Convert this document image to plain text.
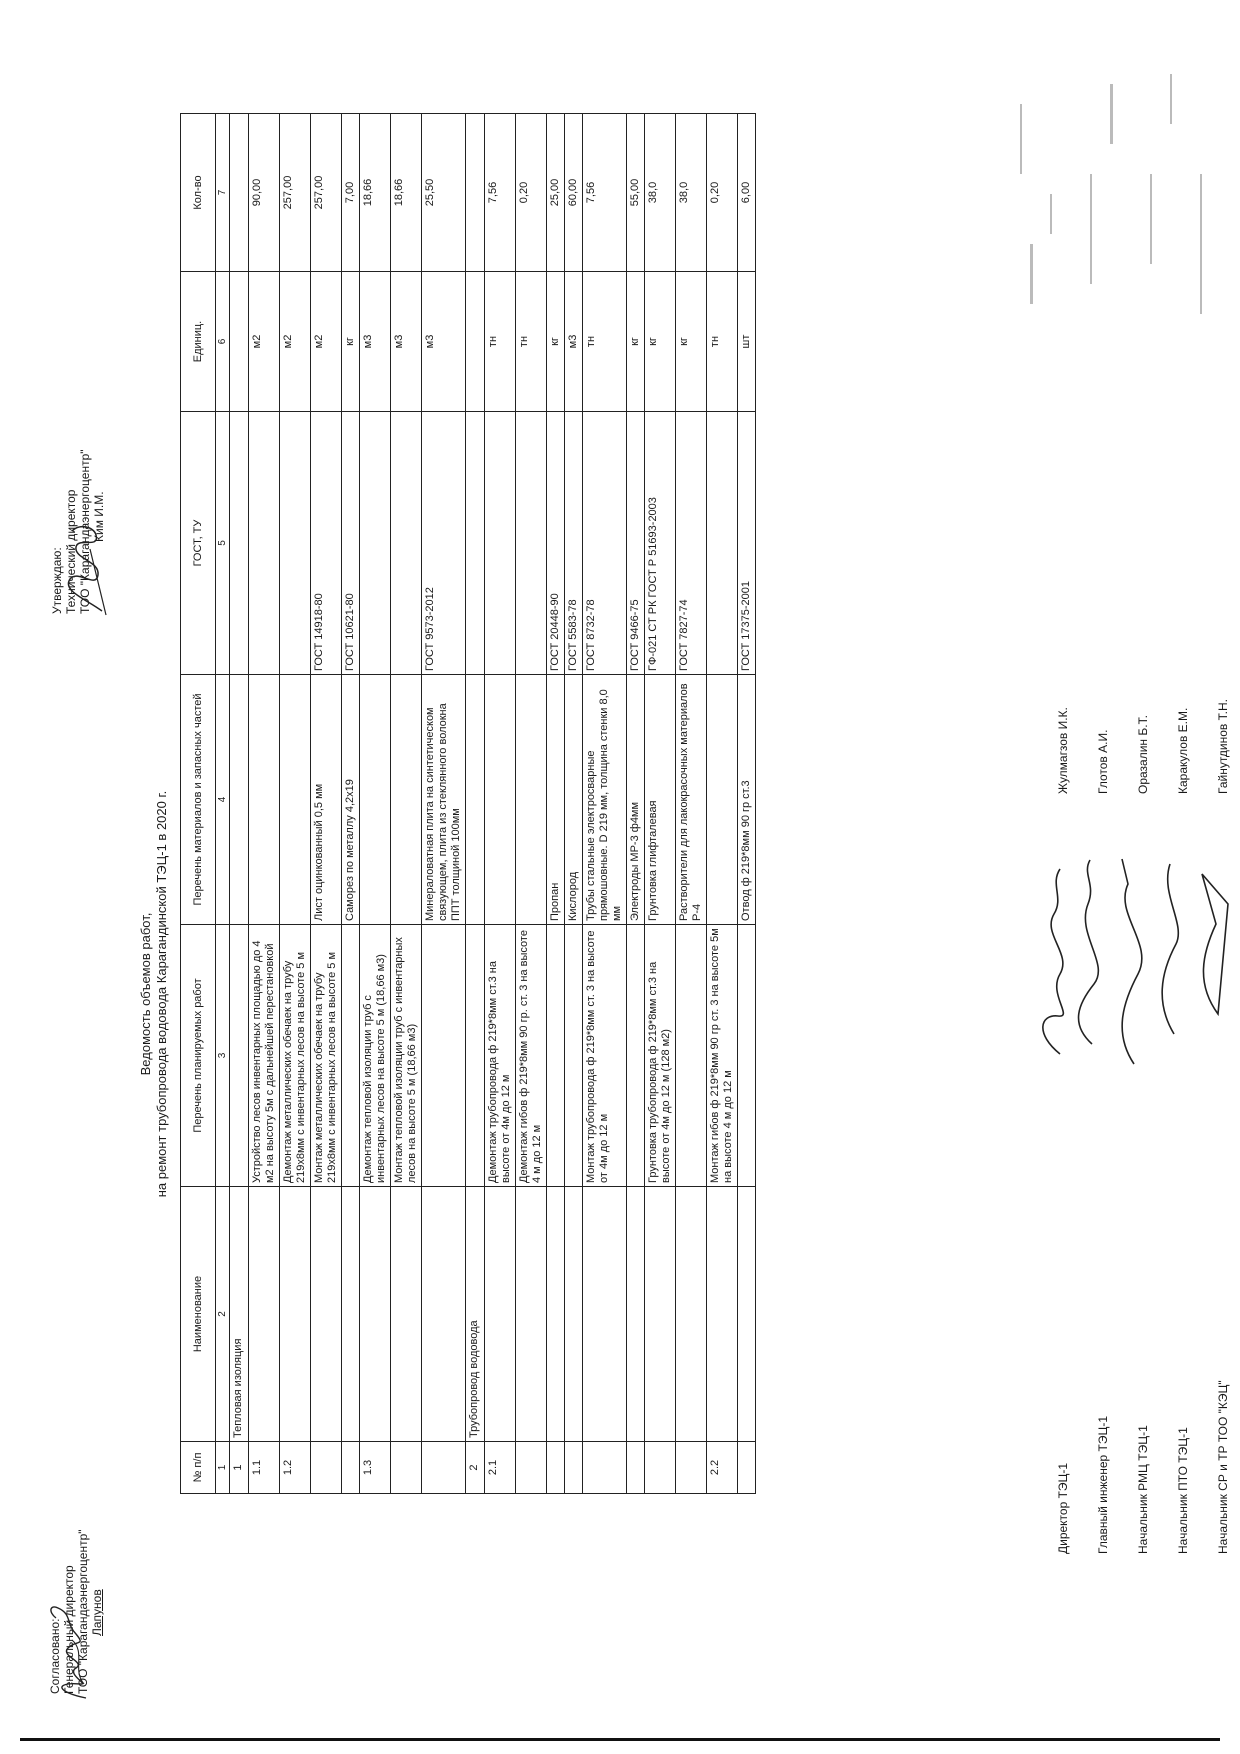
Согласовано: Генеральный директор ТОО "Карагандаэнергоцентр" Лапунов
Утверждаю: Технический директор ТОО "Карагандаэнергоцентр" Ким И.М.
Ведомость объемов работ, на ремонт трубопровода водовода Карагандинской ТЭЦ-1 в 2020 г.
№ п/п	Наименование	Перечень планируемых работ	Перечень материалов и запасных частей	ГОСТ, ТУ	Единиц.	Кол-во
1	2	3	4	5	6	7
1	Тепловая изоляция					
1.1		Устройство лесов инвентарных площадью до 4 м2 на высоту 5м с дальнейшей перестановкой			м2	90,00
1.2		Демонтаж металлических обечаек на трубу 219х8мм с инвентарных лесов на высоте 5 м			м2	257,00
		Монтаж металлических обечаек на трубу 219х8мм с инвентарных лесов на высоте 5 м	Лист оцинкованный 0,5 мм	ГОСТ 14918-80	м2	257,00
			Саморез по металлу 4,2х19	ГОСТ 10621-80	кг	7,00
1.3		Демонтаж тепловой изоляции труб с инвентарных лесов на высоте 5 м (18,66 м3)			м3	18,66
		Монтаж тепловой изоляции труб с инвентарных лесов на высоте 5 м (18,66 м3)			м3	18,66
			Минераловатная плита на синтетическом связующем, плита из стеклянного волокна ППТ толщиной 100мм	ГОСТ 9573-2012	м3	25,50
2	Трубопровод водовода					
2.1		Демонтаж трубопровода ф 219*8мм ст.3 на высоте от 4м до 12 м			тн	7,56
		Демонтаж гибов ф 219*8мм 90 гр. ст. 3 на высоте 4 м до 12 м			тн	0,20
			Пропан	ГОСТ 20448-90	кг	25,00
			Кислород	ГОСТ 5583-78	м3	60,00
		Монтаж трубопровода ф 219*8мм ст. 3 на высоте от 4м до 12 м	Трубы стальные электросварные прямошовные. D 219 мм, толщина стенки 8,0 мм	ГОСТ 8732-78	тн	7,56
			Электроды МР-3 ф4мм	ГОСТ 9466-75	кг	55,00
		Грунтовка трубопровода ф 219*8мм ст.3 на высоте от 4м до 12 м (128 м2)	Грунтовка глифталевая	ГФ-021 СТ РК ГОСТ Р 51693-2003	кг	38,0
			Растворители для лакокрасочных материалов Р-4	ГОСТ 7827-74	кг	38,0
2.2		Монтаж гибов ф 219*8мм 90 гр ст. 3 на высоте 5м на высоте 4 м до 12 м			тн	0,20
			Отвод ф 219*8мм 90 гр ст.3	ГОСТ 17375-2001	шт	6,00
Директор ТЭЦ-1
Жулмагзов И.К.
Главный инженер ТЭЦ-1
Глотов А.И.
Начальник РМЦ ТЭЦ-1
Оразалин Б.Т.
Начальник ПТО ТЭЦ-1
Каракулов Е.М.
Начальник СР и ТР ТОО "КЭЦ"
Гайнутдинов Т.Н.
